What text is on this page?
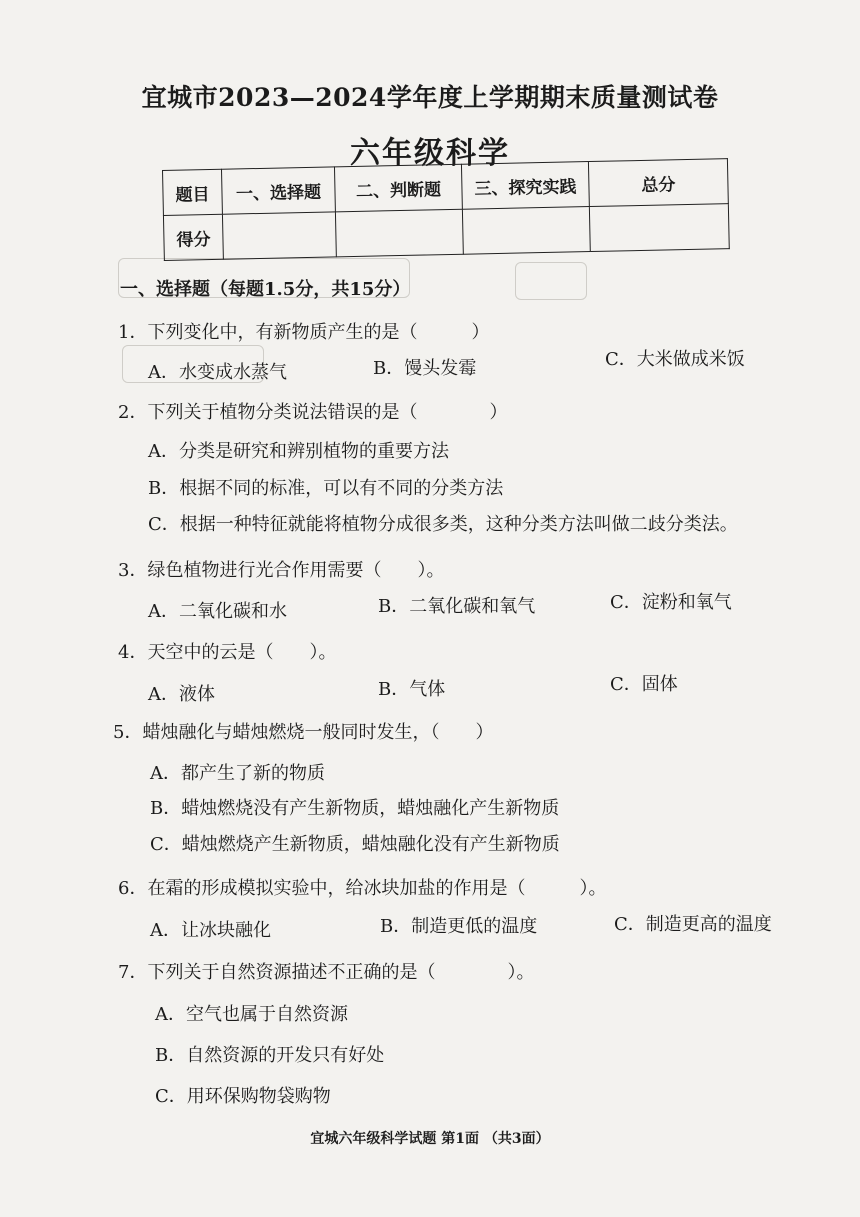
宜城市2023—2024学年度上学期期末质量测试卷
六年级科学
题目	一、选择题	二、判断题	三、探究实践	总分
得分				
一、选择题（每题1.5分，共15分）
1．下列变化中，有新物质产生的是（　　　）
A．水变成水蒸气	B．馒头发霉	C．大米做成米饭
2．下列关于植物分类说法错误的是（　　　　）
A．分类是研究和辨别植物的重要方法
B．根据不同的标准，可以有不同的分类方法
C．根据一种特征就能将植物分成很多类，这种分类方法叫做二歧分类法。
3．绿色植物进行光合作用需要（　　）。
A．二氧化碳和水	B．二氧化碳和氧气	C．淀粉和氧气
4．天空中的云是（　　）。
A．液体	B．气体	C．固体
5．蜡烛融化与蜡烛燃烧一般同时发生，（　　）
A．都产生了新的物质
B．蜡烛燃烧没有产生新物质，蜡烛融化产生新物质
C．蜡烛燃烧产生新物质，蜡烛融化没有产生新物质
6．在霜的形成模拟实验中，给冰块加盐的作用是（　　　）。
A．让冰块融化	B．制造更低的温度	C．制造更高的温度
7．下列关于自然资源描述不正确的是（　　　　）。
A．空气也属于自然资源
B．自然资源的开发只有好处
C．用环保购物袋购物
宜城六年级科学试题 第1面 （共3面）
